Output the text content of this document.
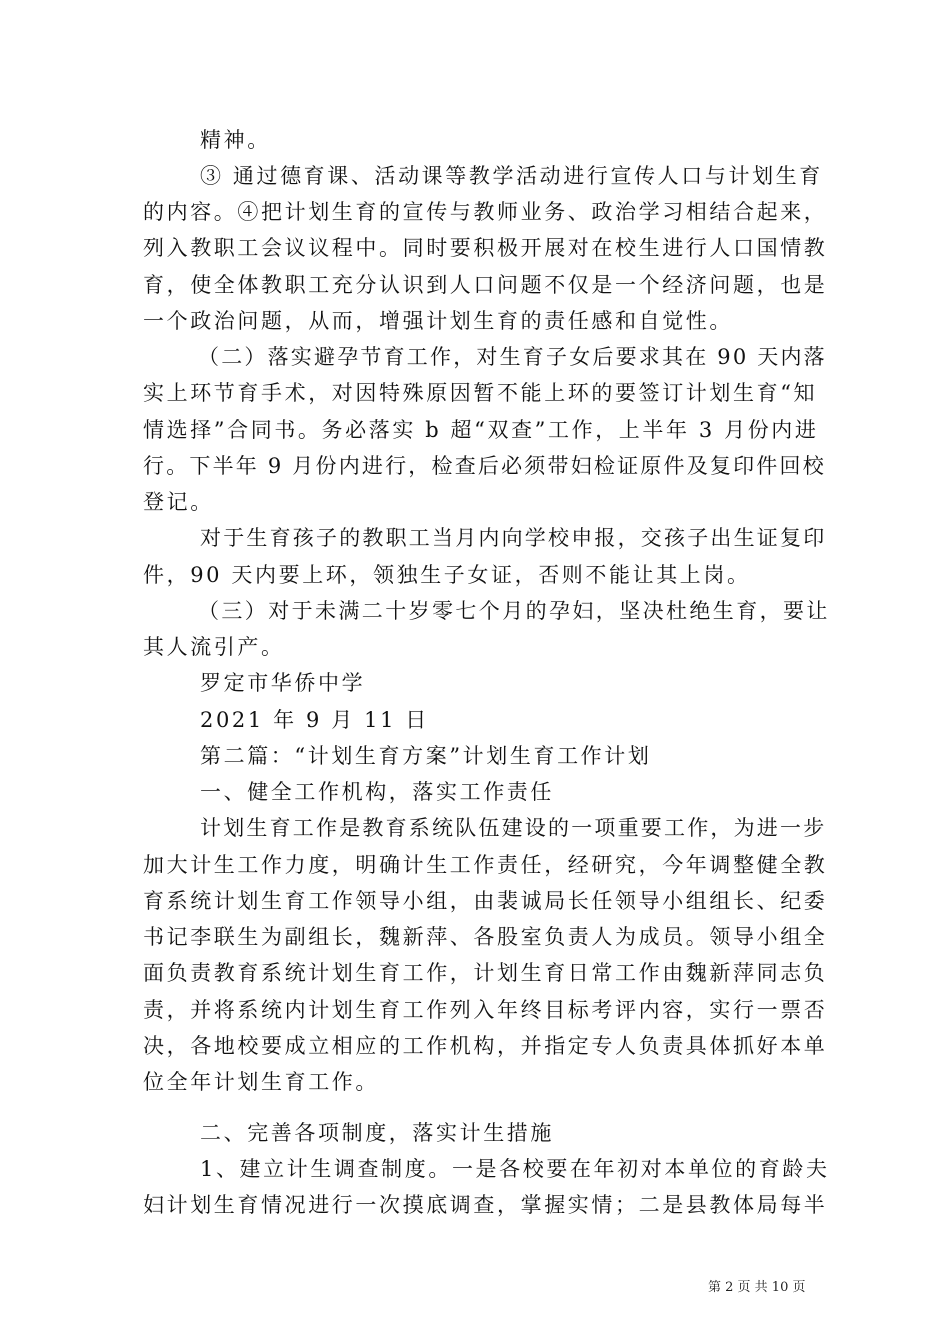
精神。
③ 通过德育课、活动课等教学活动进行宣传人口与计划生育
的内容。④把计划生育的宣传与教师业务、政治学习相结合起来，
列入教职工会议议程中。同时要积极开展对在校生进行人口国情教
育，使全体教职工充分认识到人口问题不仅是一个经济问题，也是
一个政治问题，从而，增强计划生育的责任感和自觉性。
（二）落实避孕节育工作，对生育子女后要求其在 90 天内落
实上环节育手术，对因特殊原因暂不能上环的要签订计划生育“知
情选择”合同书。务必落实 b 超“双查”工作，上半年 3 月份内进
行。下半年 9 月份内进行，检查后必须带妇检证原件及复印件回校
登记。
对于生育孩子的教职工当月内向学校申报，交孩子出生证复印
件，90 天内要上环，领独生子女证，否则不能让其上岗。
（三）对于未满二十岁零七个月的孕妇，坚决杜绝生育，要让
其人流引产。
罗定市华侨中学
2021 年 9 月 11 日
第二篇：“计划生育方案”计划生育工作计划
一、健全工作机构，落实工作责任
计划生育工作是教育系统队伍建设的一项重要工作，为进一步
加大计生工作力度，明确计生工作责任，经研究，今年调整健全教
育系统计划生育工作领导小组，由裴诚局长任领导小组组长、纪委
书记李联生为副组长，魏新萍、各股室负责人为成员。领导小组全
面负责教育系统计划生育工作，计划生育日常工作由魏新萍同志负
责，并将系统内计划生育工作列入年终目标考评内容，实行一票否
决，各地校要成立相应的工作机构，并指定专人负责具体抓好本单
位全年计划生育工作。
二、完善各项制度，落实计生措施
1、建立计生调查制度。一是各校要在年初对本单位的育龄夫
妇计划生育情况进行一次摸底调查，掌握实情；二是县教体局每半
第 2 页 共 10 页
